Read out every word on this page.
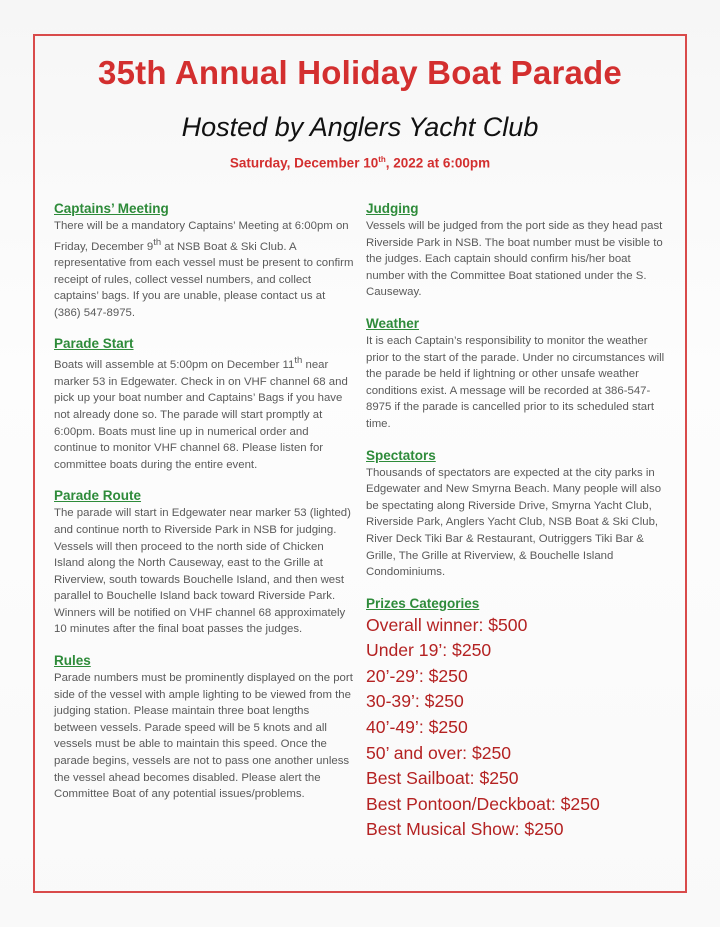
35th Annual Holiday Boat Parade
Hosted by Anglers Yacht Club
Saturday, December 10th, 2022 at 6:00pm
Captains’ Meeting

There will be a mandatory Captains’ Meeting at 6:00pm on Friday, December 9th at NSB Boat & Ski Club. A representative from each vessel must be present to confirm receipt of rules, collect vessel numbers, and collect captains’ bags. If you are unable, please contact us at (386) 547-8975.

Parade Start

Boats will assemble at 5:00pm on December 11th near marker 53 in Edgewater. Check in on VHF channel 68 and pick up your boat number and Captains’ Bags if you have not already done so. The parade will start promptly at 6:00pm. Boats must line up in numerical order and continue to monitor VHF channel 68. Please listen for committee boats during the entire event.

Parade Route

The parade will start in Edgewater near marker 53 (lighted) and continue north to Riverside Park in NSB for judging. Vessels will then proceed to the north side of Chicken Island along the North Causeway, east to the Grille at Riverview, south towards Bouchelle Island, and then west parallel to Bouchelle Island back toward Riverside Park. Winners will be notified on VHF channel 68 approximately 10 minutes after the final boat passes the judges.

Rules

Parade numbers must be prominently displayed on the port side of the vessel with ample lighting to be viewed from the judging station. Please maintain three boat lengths between vessels. Parade speed will be 5 knots and all vessels must be able to maintain this speed. Once the parade begins, vessels are not to pass one another unless the vessel ahead becomes disabled. Please alert the Committee Boat of any potential issues/problems.

Judging

Vessels will be judged from the port side as they head past Riverside Park in NSB. The boat number must be visible to the judges. Each captain should confirm his/her boat number with the Committee Boat stationed under the S. Causeway.

Weather

It is each Captain’s responsibility to monitor the weather prior to the start of the parade. Under no circumstances will the parade be held if lightning or other unsafe weather conditions exist. A message will be recorded at 386-547-8975 if the parade is cancelled prior to its scheduled start time.

Spectators

Thousands of spectators are expected at the city parks in Edgewater and New Smyrna Beach. Many people will also be spectating along Riverside Drive, Smyrna Yacht Club, Riverside Park, Anglers Yacht Club, NSB Boat & Ski Club, River Deck Tiki Bar & Restaurant, Outriggers Tiki Bar & Grille, The Grille at Riverview, & Bouchelle Island Condominiums.

Prizes Categories
Overall winner: $500
Under 19’: $250
20’-29’: $250
30-39’: $250
40’-49’: $250
50’ and over: $250
Best Sailboat: $250
Best Pontoon/Deckboat: $250
Best Musical Show: $250
